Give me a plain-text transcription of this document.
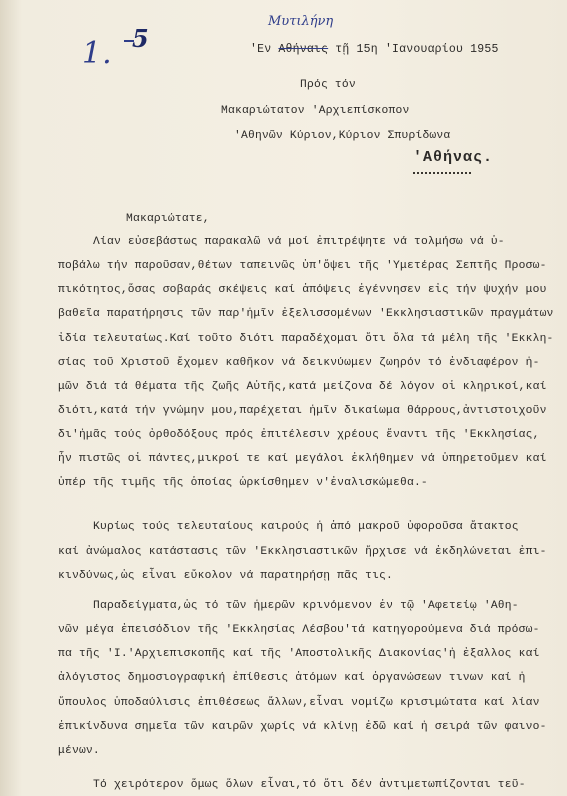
1. 5
Μυτιλήνη
'Εν Αθήναις τῇ 15η 'Ιανουαρίου 1955
Πρός τόν
Μακαριώτατον 'Αρχιεπίσκοπον
'Αθηνῶν Κύριον,Κύριον Σπυρίδωνα
'Αθήνας.
Μακαριώτατε,
Λίαν εὐσεβάστως παρακαλῶ νά μοί ἐπιτρέψητε νά τολμήσω νά ὑ-
ποβάλω τήν παροῦσαν,θέτων ταπεινῶς ὑπ'ὄψει τῆς 'Υμετέρας Σεπτῆς Προσω-
πικότητος,ὅσας σοβαράς σκέψεις καί ἀπόψεις ἐγέννησεν εἰς τήν ψυχήν μου
βαθεῖα παρατήρησις τῶν παρ'ἡμῖν ἐξελισσομένων 'Εκκλησιαστικῶν πραγμάτων
ἰδία τελευταίως.Καί τοῦτο διότι παραδέχομαι ὅτι ὅλα τά μέλη τῆς 'Εκκλη-
σίας τοῦ Χριστοῦ ἔχομεν καθῆκον νά δεικνύωμεν ζωηρόν τό ἐνδιαφέρον ἡ-
μῶν διά τά θέματα τῆς ζωῆς Αὐτῆς,κατά μείζονα δέ λόγον οἱ κληρικοί,καί
διότι,κατά τήν γνώμην μου,παρέχεται ἡμῖν δικαίωμα θάρρους,ἀντιστοιχοῦν
δι'ἡμᾶς τούς ὀρθοδόξους πρός ἐπιτέλεσιν χρέους ἔναντι τῆς 'Εκκλησίας,
ἧν πιστῶς οἱ πάντες,μικροί τε καί μεγάλοι ἐκλήθημεν νά ὑπηρετοῦμεν καί
ὑπέρ τῆς τιμῆς τῆς ὁποίας ὡρκίσθημεν ν'ἐναλισκώμεθα.-
Κυρίως τούς τελευταίους καιρούς ἡ ἀπό μακροῦ ὑφοροῦσα ἄτακτος
καί ἀνώμαλος κατάστασις τῶν 'Εκκλησιαστικῶν ἤρχισε νά ἐκδηλώνεται ἐπι-
κινδύνως,ὡς εἶναι εὔκολον νά παρατηρήσῃ πᾶς τις.
Παραδείγματα,ὡς τό τῶν ἡμερῶν κρινόμενον ἐν τῷ 'Αφετείῳ 'Αθη-
νῶν μέγα ἐπεισόδιον τῆς 'Εκκλησίας Λέσβου'τά κατηγορούμενα διά πρόσω-
πα τῆς 'Ι.'Αρχιεπισκοπῆς καί τῆς 'Αποστολικῆς Διακονίας'ἡ ἐξαλλος καί
ἀλόγιστος δημοσιογραφική ἐπίθεσις ἀτόμων καί ὀργανώσεων τινων καί ἡ
ὕπουλος ὑποδαύλισις ἐπιθέσεως ἄλλων,εἶναι νομίζω κρισιμώτατα καί λίαν
ἐπικίνδυνα σημεῖα τῶν καιρῶν χωρίς νά κλίνῃ ἐδῶ καί ἡ σειρά τῶν φαινο-
μένων.
Τό χειρότερον ὅμως ὅλων εἶναι,τό ὅτι δέν ἀντιμετωπίζονται τεῦ-
